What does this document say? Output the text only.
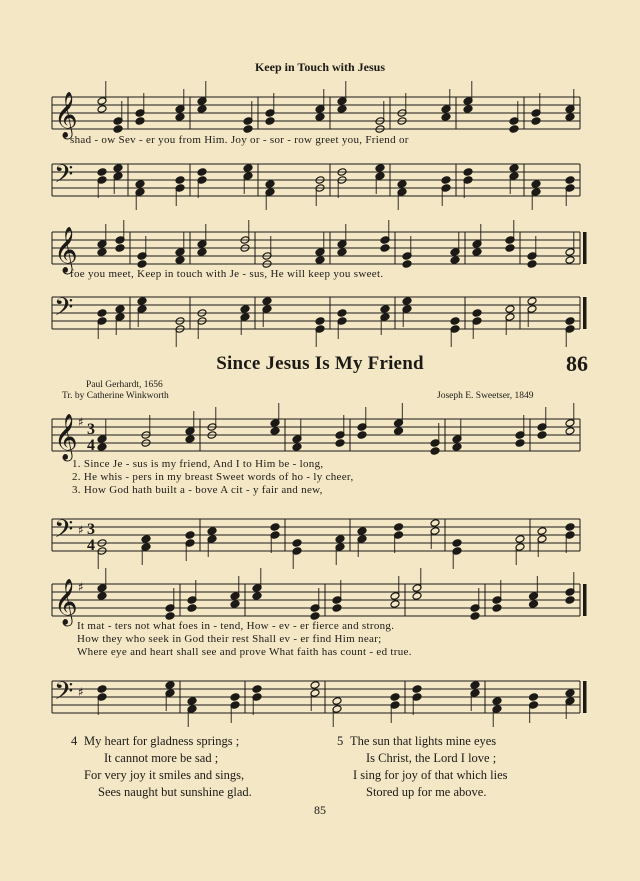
Keep in Touch with Jesus
𝄞
shad - ow Sev - er you from Him. Joy or - sor - row greet you, Friend or
𝄢
𝄞
foe you meet, Keep in touch with Je - sus, He will keep you sweet.
𝄢
Since Jesus Is My Friend	86
Paul Gerhardt, 1656
Tr. by Catherine Winkworth	Joseph E. Sweetser, 1849
𝄞 ♯ 3
4
1. Since Je - sus is my friend, And I to Him be - long,
2. He whis - pers in my breast Sweet words of ho - ly cheer,
3. How God hath built a - bove A cit - y fair and new,
𝄢 ♯ 3
4
𝄞 ♯
It mat - ters not what foes in - tend, How - ev - er fierce and strong.
How they who seek in God their rest Shall ev - er find Him near;
Where eye and heart shall see and prove What faith has count - ed true.
𝄢 ♯
4 My heart for gladness springs ;
It cannot more be sad ;
For very joy it smiles and sings,
Sees naught but sunshine glad.
5 The sun that lights mine eyes
Is Christ, the Lord I love ;
I sing for joy of that which lies
Stored up for me above.
85
